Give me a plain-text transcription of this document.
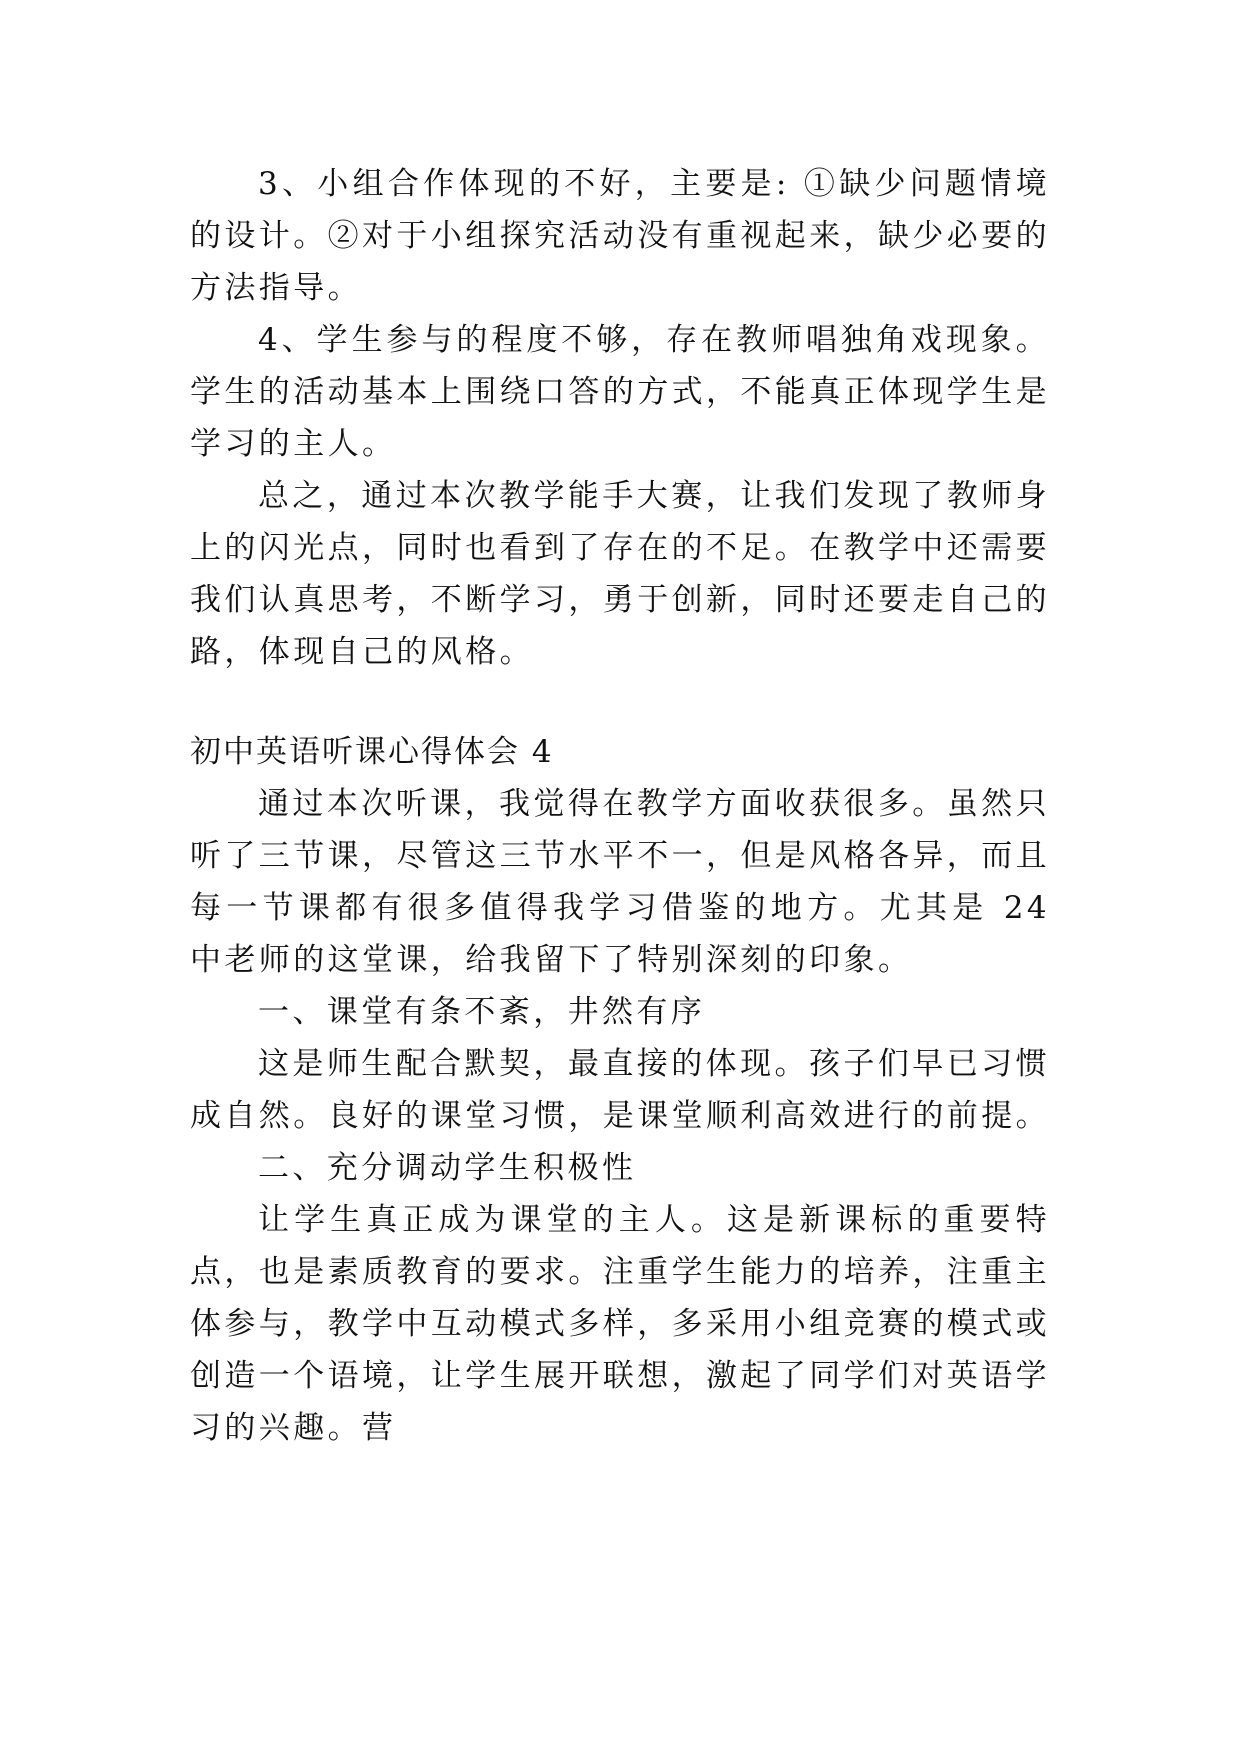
3、小组合作体现的不好，主要是: ①缺少问题情境的设计。②对于小组探究活动没有重视起来，缺少必要的方法指导。

4、学生参与的程度不够，存在教师唱独角戏现象。学生的活动基本上围绕口答的方式，不能真正体现学生是学习的主人。

总之，通过本次教学能手大赛，让我们发现了教师身上的闪光点，同时也看到了存在的不足。在教学中还需要我们认真思考，不断学习，勇于创新，同时还要走自己的路，体现自己的风格。

初中英语听课心得体会 4

通过本次听课，我觉得在教学方面收获很多。虽然只听了三节课，尽管这三节水平不一，但是风格各异，而且每一节课都有很多值得我学习借鉴的地方。尤其是 24 中老师的这堂课，给我留下了特别深刻的印象。

一、课堂有条不紊，井然有序

这是师生配合默契，最直接的体现。孩子们早已习惯成自然。良好的课堂习惯，是课堂顺利高效进行的前提。

二、充分调动学生积极性

让学生真正成为课堂的主人。这是新课标的重要特点，也是素质教育的要求。注重学生能力的培养，注重主体参与，教学中互动模式多样，多采用小组竞赛的模式或创造一个语境，让学生展开联想，激起了同学们对英语学习的兴趣。营
